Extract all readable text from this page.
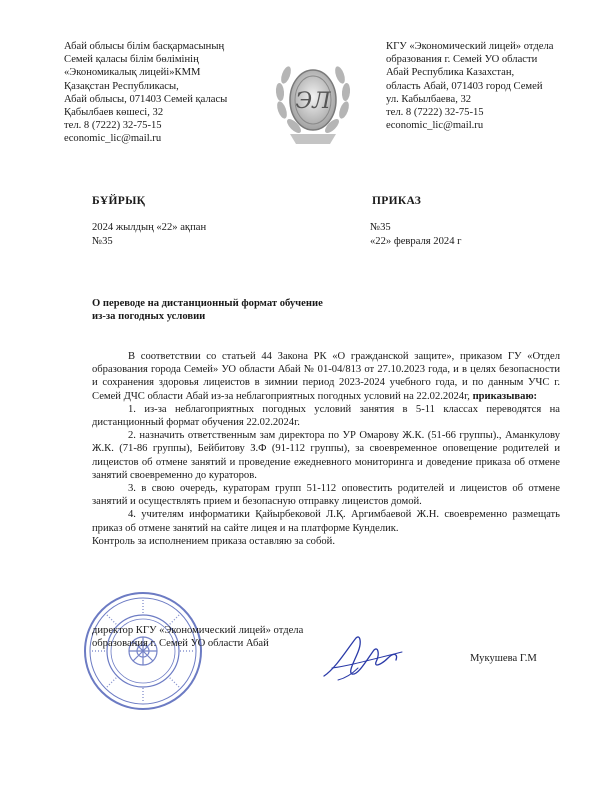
Абай облысы білім басқармасының
Семей қаласы білім бөлімінің
«Экономикалық лицейі»КММ
Қазақстан Республикасы,
Абай облысы, 071403 Семей қаласы
Қабылбаев көшесі, 32
тел. 8 (7222) 32-75-15
economic_lic@mail.ru
ЭЛ
КГУ «Экономический лицей» отдела
образования г. Семей УО области
Абай Республика Казахстан,
область Абай, 071403 город Семей
ул. Кабылбаева, 32
тел. 8 (7222) 32-75-15
economic_lic@mail.ru
БҰЙРЫҚ	ПРИКАЗ
2024 жылдың «22» ақпан
№35
№35
«22» февраля 2024 г
О переводе на дистанционный формат обучение
из-за погодных условии

В соответствии со статьей 44 Закона РК «О гражданской защите», приказом ГУ «Отдел образования города Семей» УО области Абай № 01-04/813 от 27.10.2023 года, и в целях безопасности и сохранения здоровья лицеистов в зимнии период 2023-2024 учебного года, и по данным УЧС г. Семей ДЧС области Абай из-за неблагоприятных погодных условий на 22.02.2024г, приказываю:

1. из-за неблагоприятных погодных условий занятия в 5-11 классах переводятся на дистанционный формат обучения 22.02.2024г.

2. назначить ответственным зам директора по УР Омарову Ж.К. (51-66 группы)., Аманкулову Ж.К. (71-86 группы), Бейбитову З.Ф (91-112 группы), за своевременное оповещение родителей и лицеистов об отмене занятий и проведение ежедневного мониторинга и доведение приказа об отмене занятий своевременно до кураторов.

3. в свою очередь, кураторам групп 51-112 оповестить родителей и лицеистов об отмене занятий и осуществлять прием и безопасную отправку лицеистов домой.

4. учителям информатики Қайырбековой Л.Қ. Аргимбаевой Ж.Н. своевременно размещать приказ об отмене занятий на сайте лицея и на платформе Кунделик.

Контроль за исполнением приказа оставляю за собой.

директор КГУ «Экономический лицей» отдела
образования г. Семей УО области Абай
Мукушева Г.М
